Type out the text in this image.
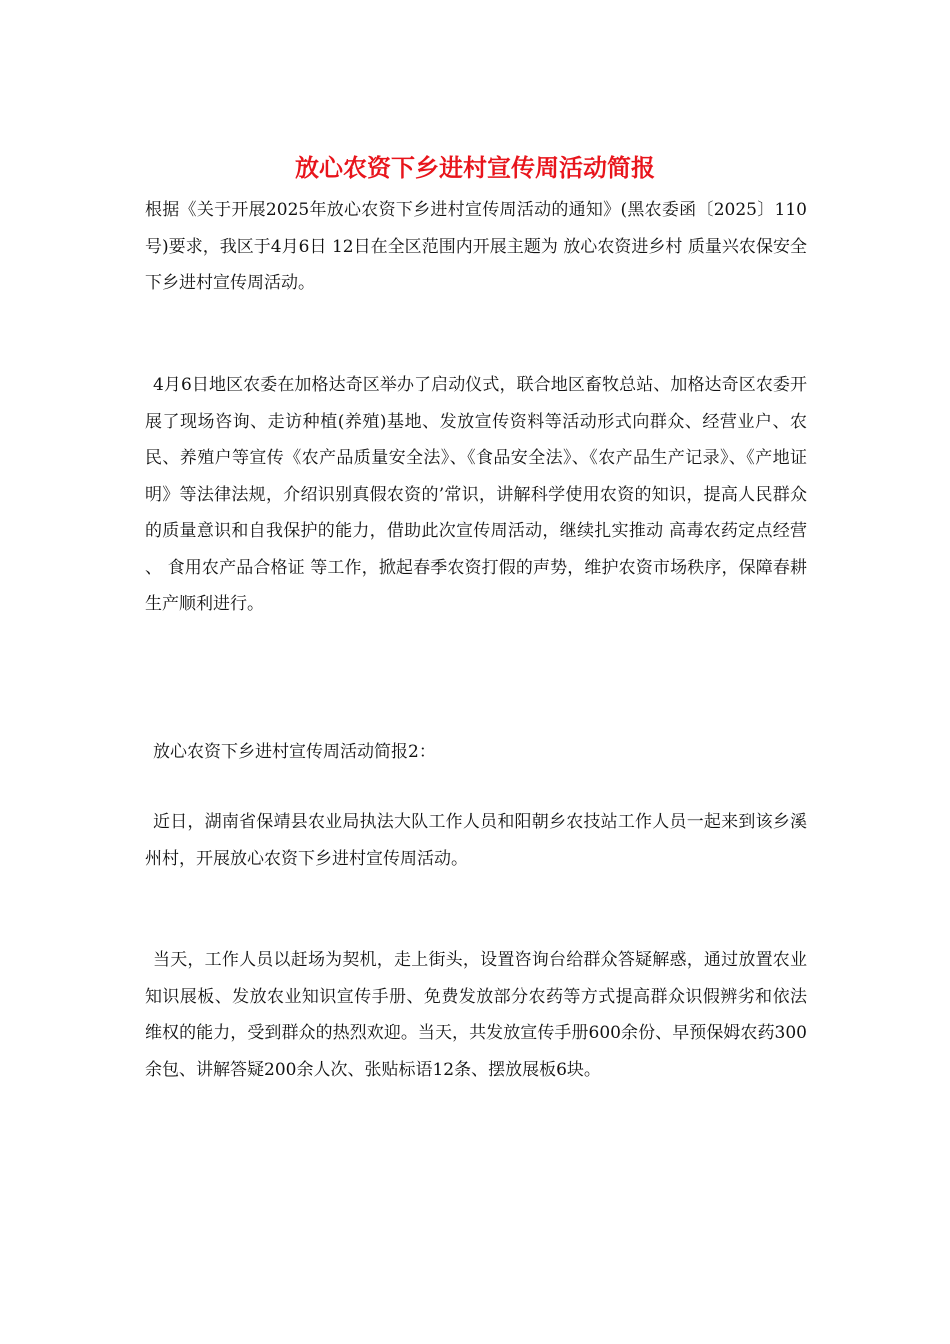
放心农资下乡进村宣传周活动简报
根据《关于开展2025年放心农资下乡进村宣传周活动的通知》(黑农委函〔2025〕110号)要求，我区于4月6日 12日在全区范围内开展主题为 放心农资进乡村 质量兴农保安全 下乡进村宣传周活动。
4月6日地区农委在加格达奇区举办了启动仪式，联合地区畜牧总站、加格达奇区农委开展了现场咨询、走访种植(养殖)基地、发放宣传资料等活动形式向群众、经营业户、农民、养殖户等宣传《农产品质量安全法》、《食品安全法》、《农产品生产记录》、《产地证明》等法律法规，介绍识别真假农资的’常识，讲解科学使用农资的知识，提高人民群众的质量意识和自我保护的能力，借助此次宣传周活动，继续扎实推动 高毒农药定点经营 、 食用农产品合格证 等工作，掀起春季农资打假的声势，维护农资市场秩序，保障春耕生产顺利进行。
放心农资下乡进村宣传周活动简报2：
近日，湖南省保靖县农业局执法大队工作人员和阳朝乡农技站工作人员一起来到该乡溪州村，开展放心农资下乡进村宣传周活动。
当天，工作人员以赶场为契机，走上街头，设置咨询台给群众答疑解惑，通过放置农业知识展板、发放农业知识宣传手册、免费发放部分农药等方式提高群众识假辨劣和依法维权的能力，受到群众的热烈欢迎。当天，共发放宣传手册600余份、早预保姆农药300余包、讲解答疑200余人次、张贴标语12条、摆放展板6块。
